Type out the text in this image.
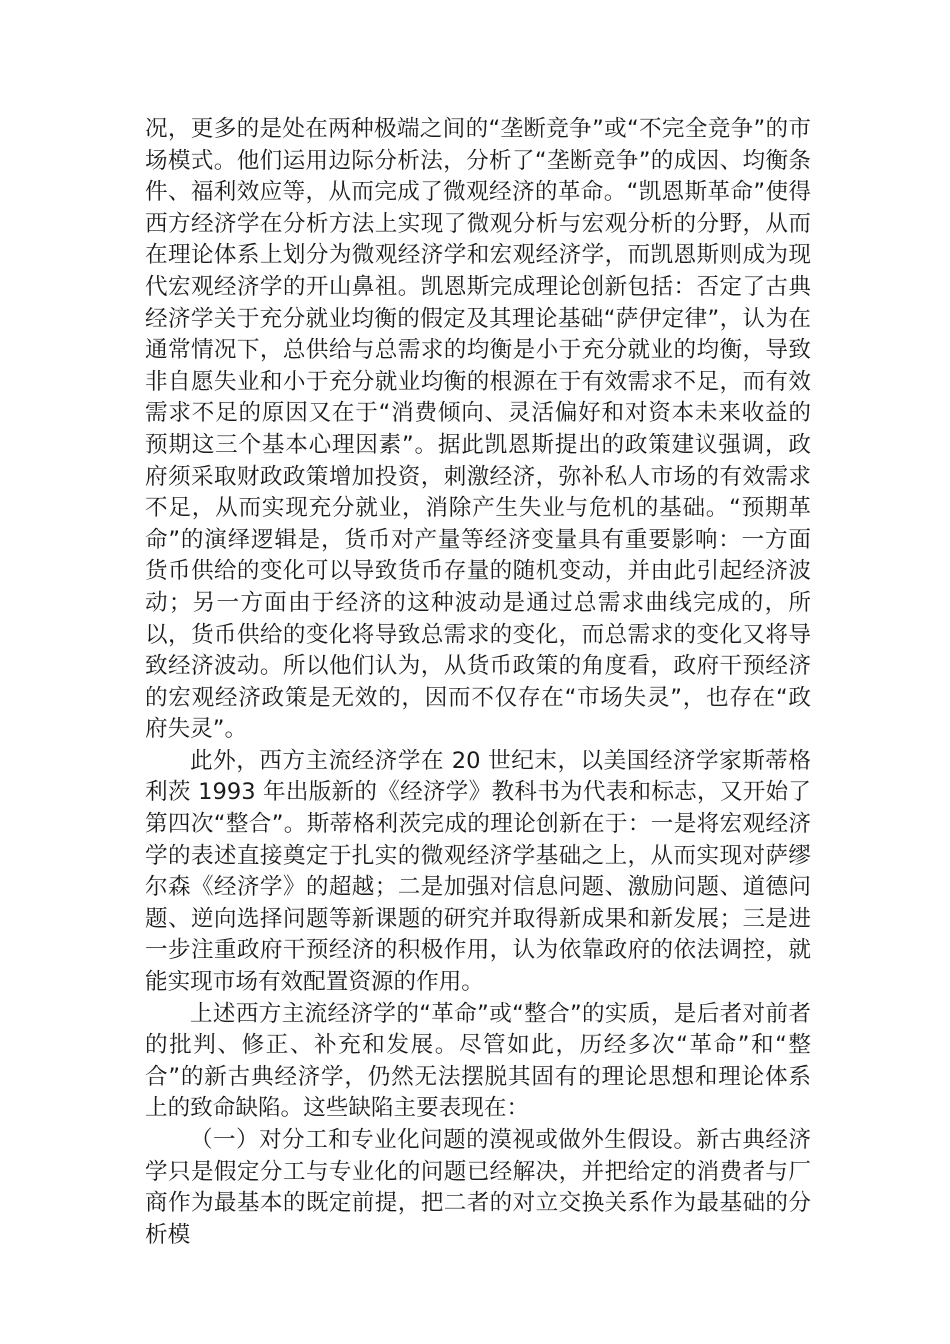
况，更多的是处在两种极端之间的“垄断竞争”或“不完全竞争”的市场模式。他们运用边际分析法，分析了“垄断竞争”的成因、均衡条件、福利效应等，从而完成了微观经济的革命。“凯恩斯革命”使得西方经济学在分析方法上实现了微观分析与宏观分析的分野，从而在理论体系上划分为微观经济学和宏观经济学，而凯恩斯则成为现代宏观经济学的开山鼻祖。凯恩斯完成理论创新包括：否定了古典经济学关于充分就业均衡的假定及其理论基础“萨伊定律”，认为在通常情况下，总供给与总需求的均衡是小于充分就业的均衡，导致非自愿失业和小于充分就业均衡的根源在于有效需求不足，而有效需求不足的原因又在于“消费倾向、灵活偏好和对资本未来收益的预期这三个基本心理因素”。据此凯恩斯提出的政策建议强调，政府须采取财政政策增加投资，刺激经济，弥补私人市场的有效需求不足，从而实现充分就业，消除产生失业与危机的基础。“预期革命”的演绎逻辑是，货币对产量等经济变量具有重要影响：一方面货币供给的变化可以导致货币存量的随机变动，并由此引起经济波动；另一方面由于经济的这种波动是通过总需求曲线完成的，所以，货币供给的变化将导致总需求的变化，而总需求的变化又将导致经济波动。所以他们认为，从货币政策的角度看，政府干预经济的宏观经济政策是无效的，因而不仅存在“市场失灵”，也存在“政府失灵”。

此外，西方主流经济学在 20 世纪末，以美国经济学家斯蒂格利茨 1993 年出版新的《经济学》教科书为代表和标志，又开始了第四次“整合”。斯蒂格利茨完成的理论创新在于：一是将宏观经济学的表述直接奠定于扎实的微观经济学基础之上，从而实现对萨缪尔森《经济学》的超越；二是加强对信息问题、激励问题、道德问题、逆向选择问题等新课题的研究并取得新成果和新发展；三是进一步注重政府干预经济的积极作用，认为依靠政府的依法调控，就能实现市场有效配置资源的作用。

上述西方主流经济学的“革命”或“整合”的实质，是后者对前者的批判、修正、补充和发展。尽管如此，历经多次“革命”和“整合”的新古典经济学，仍然无法摆脱其固有的理论思想和理论体系上的致命缺陷。这些缺陷主要表现在：

（一）对分工和专业化问题的漠视或做外生假设。新古典经济学只是假定分工与专业化的问题已经解决，并把给定的消费者与厂商作为最基本的既定前提，把二者的对立交换关系作为最基础的分析模
